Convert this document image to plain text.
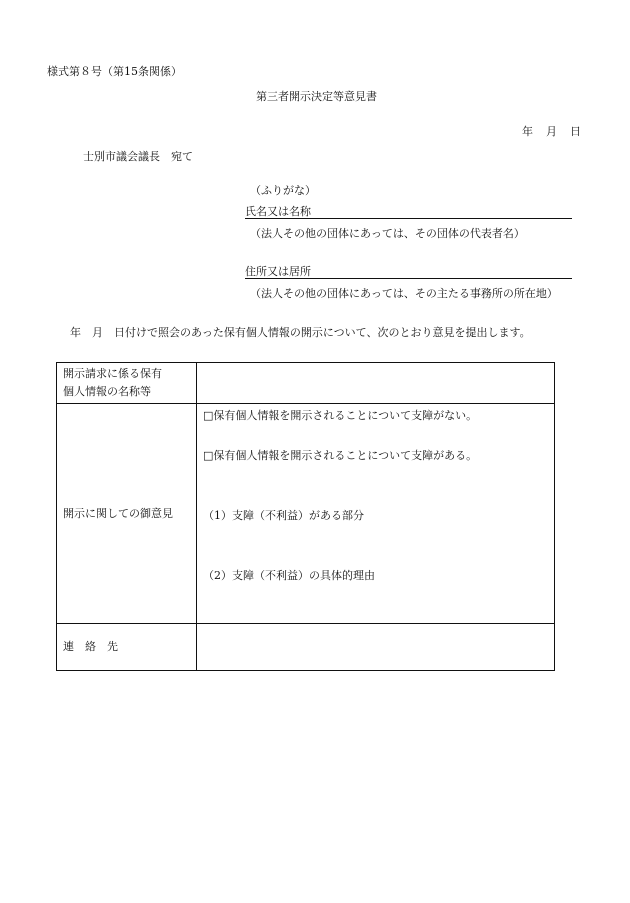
様式第８号（第15条関係）
第三者開示決定等意見書
年　月　日
士別市議会議長　宛て
（ふりがな）
氏名又は名称
（法人その他の団体にあっては、その団体の代表者名）
住所又は居所
（法人その他の団体にあっては、その主たる事務所の所在地）
年　月　日付けで照会のあった保有個人情報の開示について、次のとおり意見を提出します。
開示請求に係る保有
個人情報の名称等	

開示に関しての御意見	□保有個人情報を開示されることについて支障がない。
□保有個人情報を開示されることについて支障がある。
（1）支障（不利益）がある部分
（2）支障（不利益）の具体的理由

連　絡　先	
